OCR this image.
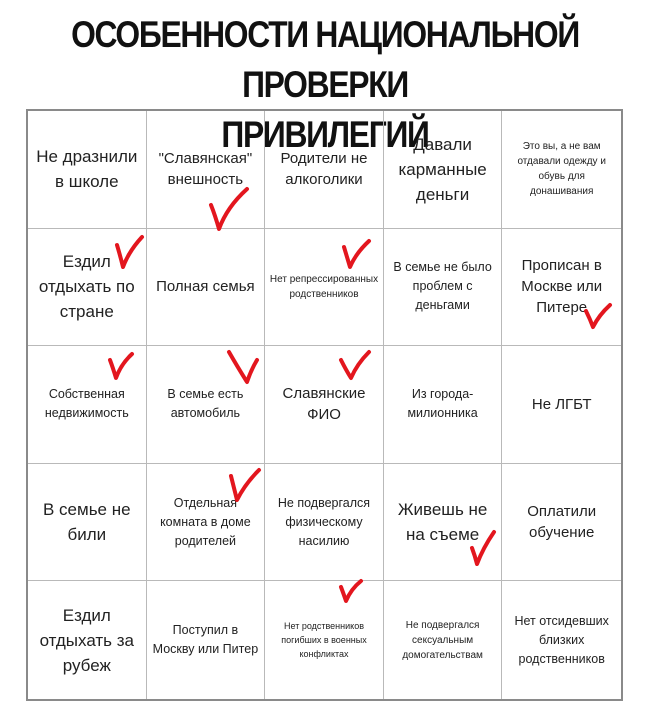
ОСОБЕННОСТИ НАЦИОНАЛЬНОЙ ПРОВЕРКИ
ПРИВИЛЕГИЙ
Не дразнили в школе
"Славянская" внешность
Родители не алкоголики
Давали карманные деньги
Это вы, а не вам отдавали одежду и обувь для донашивания
Ездил отдыхать по стране
Полная семья Нет репрессированных родственников
В семье не было проблем с деньгами
Прописан в Москве или Питере
Собственная недвижимость
В семье есть автомобиль
Славянские ФИО
Из города-милионника
Не ЛГБТ
В семье не били
Отдельная комната в доме родителей
Не подвергался физическому насилию
Живешь не на съеме
Оплатили обучение
Ездил отдыхать за рубеж
Поступил в Москву или Питер
Нет родственников погибших в военных конфликтах
Не подвергался сексуальным домогательствам
Нет отсидевших близких родственников
